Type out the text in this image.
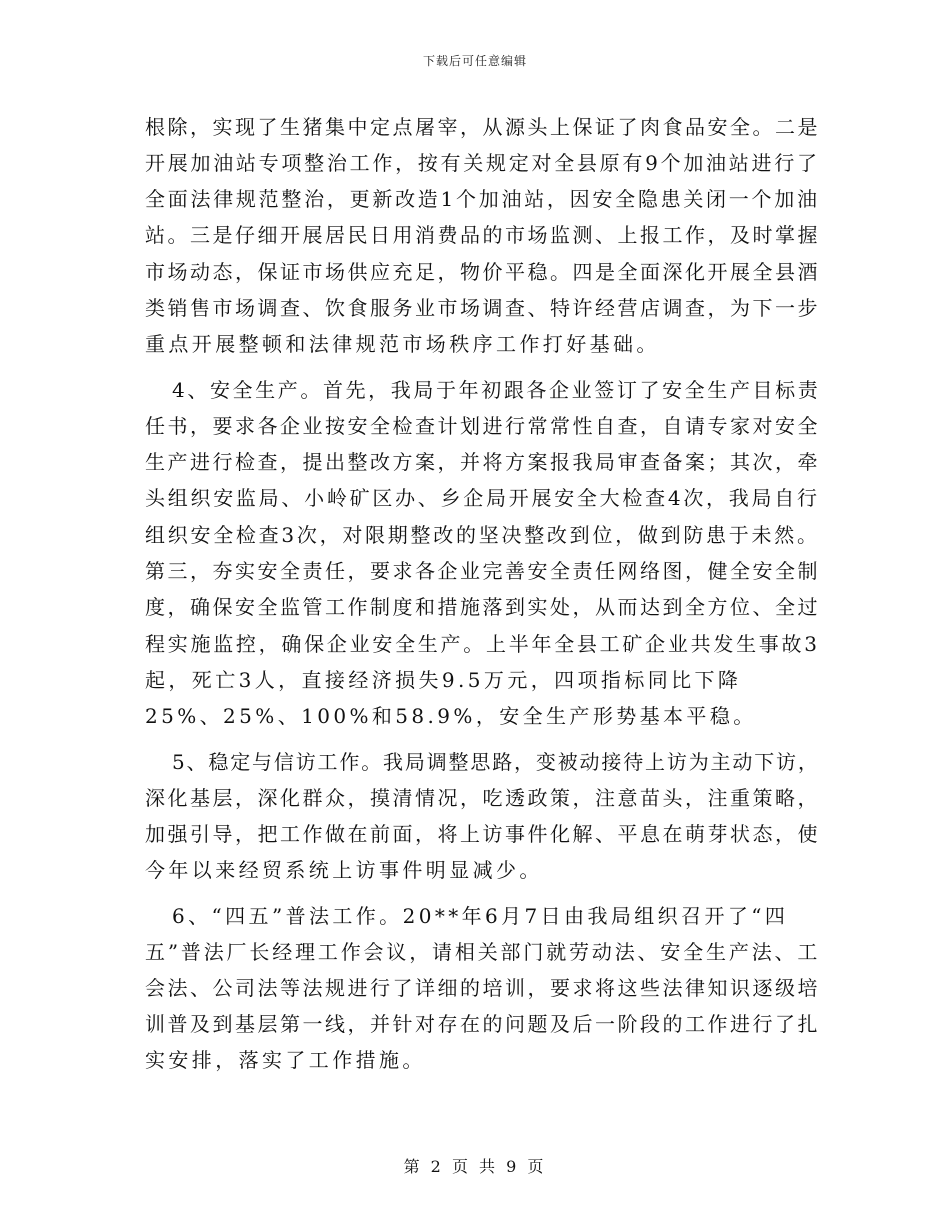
下载后可任意编辑

根除，实现了生猪集中定点屠宰，从源头上保证了肉食品安全。二是

开展加油站专项整治工作，按有关规定对全县原有9个加油站进行了

全面法律规范整治，更新改造1个加油站，因安全隐患关闭一个加油

站。三是仔细开展居民日用消费品的市场监测、上报工作，及时掌握

市场动态，保证市场供应充足，物价平稳。四是全面深化开展全县酒

类销售市场调查、饮食服务业市场调查、特许经营店调查，为下一步

重点开展整顿和法律规范市场秩序工作打好基础。

4、安全生产。首先，我局于年初跟各企业签订了安全生产目标责

任书，要求各企业按安全检查计划进行常常性自查，自请专家对安全

生产进行检查，提出整改方案，并将方案报我局审查备案；其次，牵

头组织安监局、小岭矿区办、乡企局开展安全大检查4次，我局自行

组织安全检查3次，对限期整改的坚决整改到位，做到防患于未然。

第三，夯实安全责任，要求各企业完善安全责任网络图，健全安全制

度，确保安全监管工作制度和措施落到实处，从而达到全方位、全过

程实施监控，确保企业安全生产。上半年全县工矿企业共发生事故3

起，死亡3人，直接经济损失9.5万元，四项指标同比下降

25%、25%、100%和58.9%，安全生产形势基本平稳。

5、稳定与信访工作。我局调整思路，变被动接待上访为主动下访，

深化基层，深化群众，摸清情况，吃透政策，注意苗头，注重策略，

加强引导，把工作做在前面，将上访事件化解、平息在萌芽状态，使

今年以来经贸系统上访事件明显减少。

6、“四五”普法工作。20**年6月7日由我局组织召开了“四

五”普法厂长经理工作会议，请相关部门就劳动法、安全生产法、工

会法、公司法等法规进行了详细的培训，要求将这些法律知识逐级培

训普及到基层第一线，并针对存在的问题及后一阶段的工作进行了扎

实安排，落实了工作措施。

第 2 页 共 9 页
